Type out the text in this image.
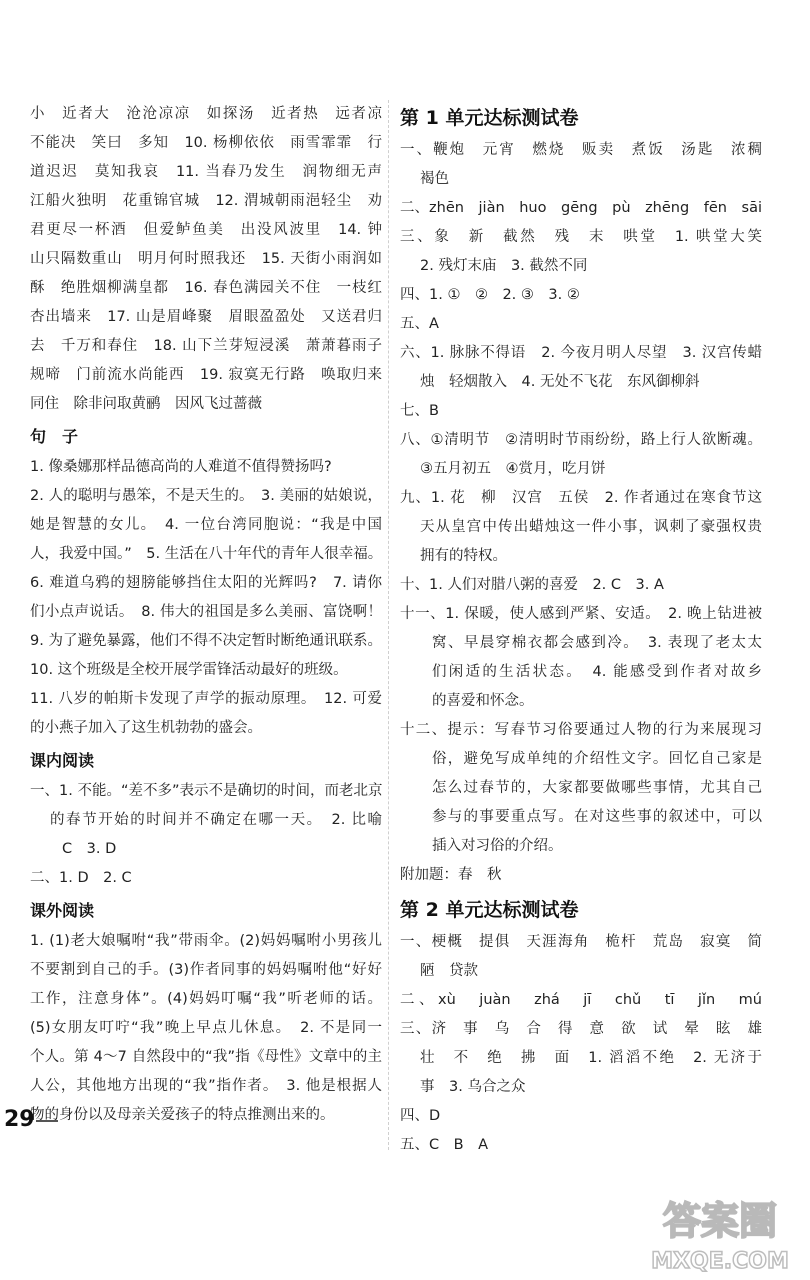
小　近者大　沧沧凉凉　如探汤　近者热　远者凉
不能决　笑曰　多知　10. 杨柳依依　雨雪霏霏　行
道迟迟　莫知我哀　11. 当春乃发生　润物细无声
江船火独明　花重锦官城　12. 渭城朝雨浥轻尘　劝
君更尽一杯酒　但爱鲈鱼美　出没风波里　14. 钟
山只隔数重山　明月何时照我还　15. 天街小雨润如
酥　绝胜烟柳满皇都　16. 春色满园关不住　一枝红
杏出墙来　17. 山是眉峰聚　眉眼盈盈处　又送君归
去　千万和春住　18. 山下兰芽短浸溪　萧萧暮雨子
规啼　门前流水尚能西　19. 寂寞无行路　唤取归来
同住　除非问取黄鹂　因风飞过蔷薇
句　子
1. 像桑娜那样品德高尚的人难道不值得赞扬吗?
2. 人的聪明与愚笨，不是天生的。　3. 美丽的姑娘说，
她是智慧的女儿。　4. 一位台湾同胞说：“我是中国
人，我爱中国。”　5. 生活在八十年代的青年人很幸福。
6. 难道乌鸦的翅膀能够挡住太阳的光辉吗?　7. 请你
们小点声说话。　8. 伟大的祖国是多么美丽、富饶啊！
9. 为了避免暴露，他们不得不决定暂时断绝通讯联系。
10. 这个班级是全校开展学雷锋活动最好的班级。
11. 八岁的帕斯卡发现了声学的振动原理。　12. 可爱
的小燕子加入了这生机勃勃的盛会。
课内阅读
一、1. 不能。“差不多”表示不是确切的时间，而老北京
的春节开始的时间并不确定在哪一天。　2. 比喻
C　3. D
二、1. D　2. C
课外阅读
1. (1)老大娘嘱咐“我”带雨伞。(2)妈妈嘱咐小男孩儿
不要割到自己的手。(3)作者同事的妈妈嘱咐他“好好
工作，注意身体”。(4)妈妈叮嘱“我”听老师的话。
(5)女朋友叮咛“我”晚上早点儿休息。　2. 不是同一
个人。第 4～7 自然段中的“我”指《母性》文章中的主
人公，其他地方出现的“我”指作者。　3. 他是根据人
物的身份以及母亲关爱孩子的特点推测出来的。
第 1 单元达标测试卷
一、鞭炮　元宵　燃烧　贩卖　煮饭　汤匙　浓稠
褐色
二、zhēn　jiàn　huo　gēng　pù　zhēng　fēn　sāi
三、象　新　截然　残　末　哄堂　1. 哄堂大笑
2. 残灯末庙　3. 截然不同
四、1. ①　②　2. ③　3. ②
五、A
六、1. 脉脉不得语　2. 今夜月明人尽望　3. 汉宫传蜡
烛　轻烟散入　4. 无处不飞花　东风御柳斜
七、B
八、①清明节　②清明时节雨纷纷，路上行人欲断魂。
③五月初五　④赏月，吃月饼
九、1. 花　柳　汉宫　五侯　2. 作者通过在寒食节这
天从皇宫中传出蜡烛这一件小事，讽刺了豪强权贵
拥有的特权。
十、1. 人们对腊八粥的喜爱　2. C　3. A
十一、1. 保暖，使人感到严紧、安适。　2. 晚上钻进被
窝、早晨穿棉衣都会感到冷。　3. 表现了老太太
们闲适的生活状态。　4. 能感受到作者对故乡
的喜爱和怀念。
十二、提示：写春节习俗要通过人物的行为来展现习
俗，避免写成单纯的介绍性文字。回忆自己家是
怎么过春节的，大家都要做哪些事情，尤其自己
参与的事要重点写。在对这些事的叙述中，可以
插入对习俗的介绍。
附加题：春　秋
第 2 单元达标测试卷
一、梗概　提俱　天涯海角　桅杆　荒岛　寂寞　简
陋　贷款
二、xù　juàn　zhá　jī　chǔ　tī　jǐn　mú
三、济　事　乌　合　得　意　欲　试　晕　眩　雄
壮　不　绝　拂　面　1. 滔滔不绝　2. 无济于
事　3. 乌合之众
四、D
五、C　B　A
29
答案圈
MXQE.COM
